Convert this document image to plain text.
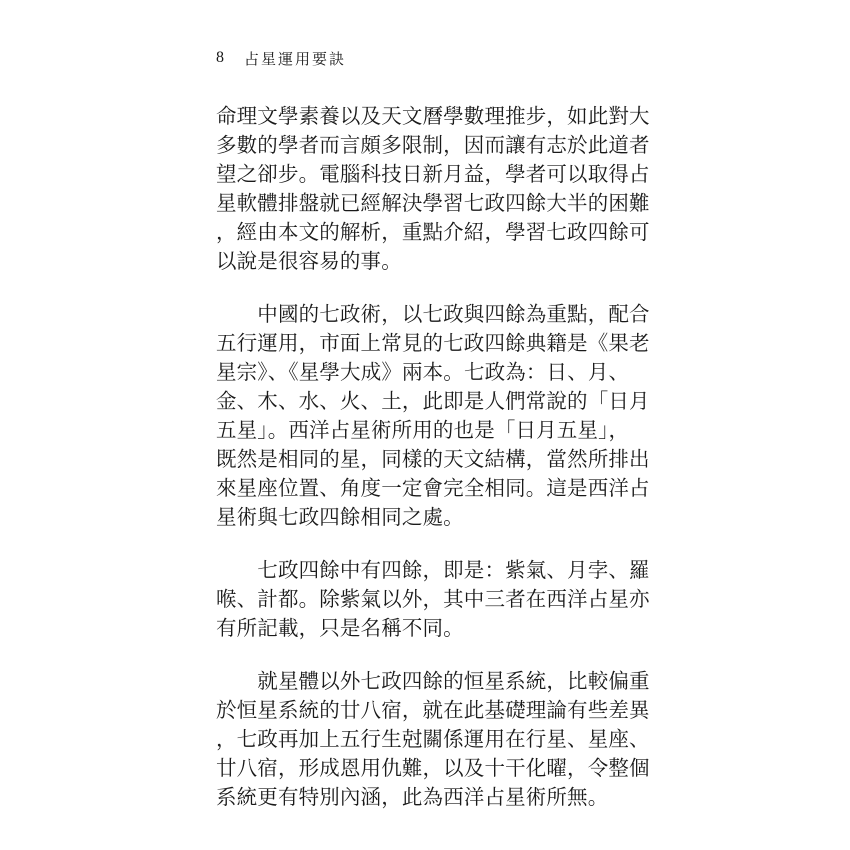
8 占星運用要訣
命理文學素養以及天文曆學數理推步，如此對大
多數的學者而言頗多限制，因而讓有志於此道者
望之卻步。電腦科技日新月益，學者可以取得占
星軟體排盤就已經解決學習七政四餘大半的困難
，經由本文的解析，重點介紹，學習七政四餘可
以說是很容易的事。
　　中國的七政術，以七政與四餘為重點，配合
五行運用，市面上常見的七政四餘典籍是《果老
星宗》、《星學大成》兩本。七政為：日、月、
金、木、水、火、土，此即是人們常說的「日月
五星」。西洋占星術所用的也是「日月五星」，
既然是相同的星，同樣的天文結構，當然所排出
來星座位置、角度一定會完全相同。這是西洋占
星術與七政四餘相同之處。
　　七政四餘中有四餘，即是：紫氣、月孛、羅
喉、計都。除紫氣以外，其中三者在西洋占星亦
有所記載，只是名稱不同。
　　就星體以外七政四餘的恒星系統，比較偏重
於恒星系統的廿八宿，就在此基礎理論有些差異
，七政再加上五行生尅關係運用在行星、星座、
廿八宿，形成恩用仇難，以及十干化曜，令整個
系統更有特別內涵，此為西洋占星術所無。
